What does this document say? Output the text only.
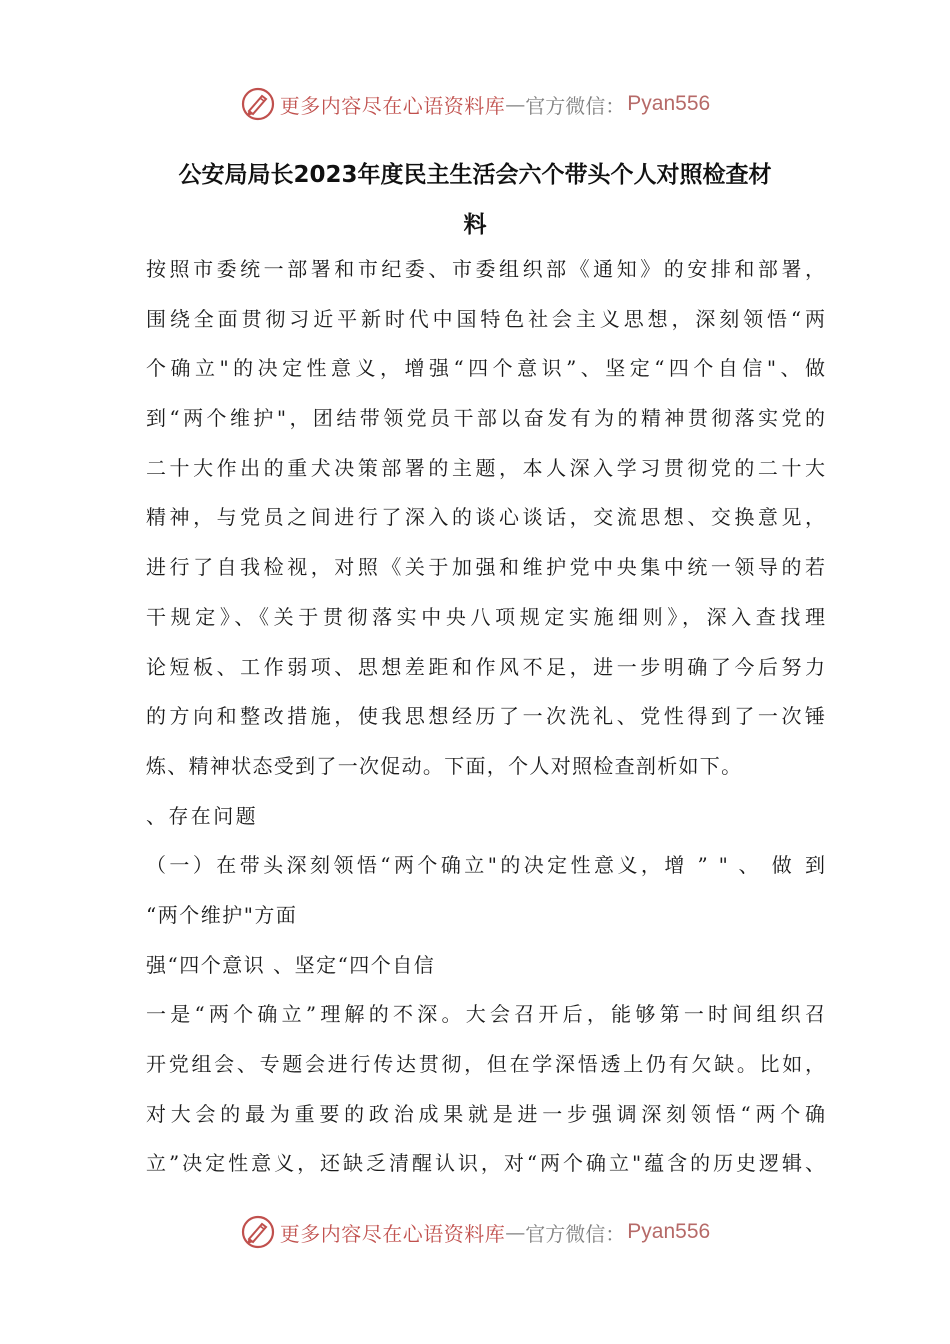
更多内容尽在心语资料库 — 官方微信： Pyan556
公安局局长2023年度民主生活会六个带头个人对照检查材
料
按照市委统一部署和市纪委、市委组织部《通知》的安排和部署，
围绕全面贯彻习近平新时代中国特色社会主义思想，深刻领悟“两
个确立"的决定性意义，增强“四个意识”、坚定“四个自信"、做
到“两个维护"，团结带领党员干部以奋发有为的精神贯彻落实党的
二十大作出的重犬决策部署的主题，本人深入学习贯彻党的二十大
精神，与党员之间进行了深入的谈心谈话，交流思想、交换意见，
进行了自我检视，对照《关于加强和维护党中央集中统一领导的若
干规定》、《关于贯彻落实中央八项规定实施细则》，深入查找理
论短板、工作弱项、思想差距和作风不足，进一步明确了今后努力
的方向和整改措施，使我思想经历了一次洗礼、党性得到了一次锤
炼、精神状态受到了一次促动。下面，个人对照检查剖析如下。
、存在问题
（一）在带头深刻领悟“两个确立"的决定性意义，增 ” " 、 做 到
“两个维护"方面
强“四个意识 、坚定“四个自信
一是“两个确立”理解的不深。大会召开后，能够第一时间组织召
开党组会、专题会进行传达贯彻，但在学深悟透上仍有欠缺。比如，
对大会的最为重要的政治成果就是进一步强调深刻领悟“两个确
立”决定性意义，还缺乏清醒认识，对“两个确立"蕴含的历史逻辑、
更多内容尽在心语资料库 — 官方微信： Pyan556
